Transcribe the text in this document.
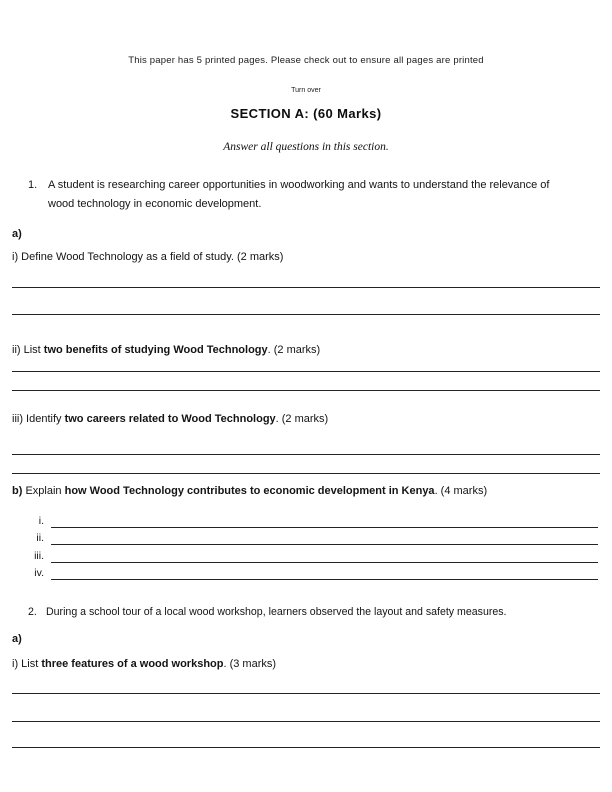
This paper has 5 printed pages. Please check out to ensure all pages are printed
Turn over
SECTION A: (60 Marks)
Answer all questions in this section.
1. A student is researching career opportunities in woodworking and wants to understand the relevance of wood technology in economic development.
a)
i) Define Wood Technology as a field of study. (2 marks)
ii) List two benefits of studying Wood Technology. (2 marks)
iii) Identify two careers related to Wood Technology. (2 marks)
b) Explain how Wood Technology contributes to economic development in Kenya. (4 marks)
i.
ii.
iii.
iv.
2. During a school tour of a local wood workshop, learners observed the layout and safety measures.
a)
i) List three features of a wood workshop. (3 marks)
